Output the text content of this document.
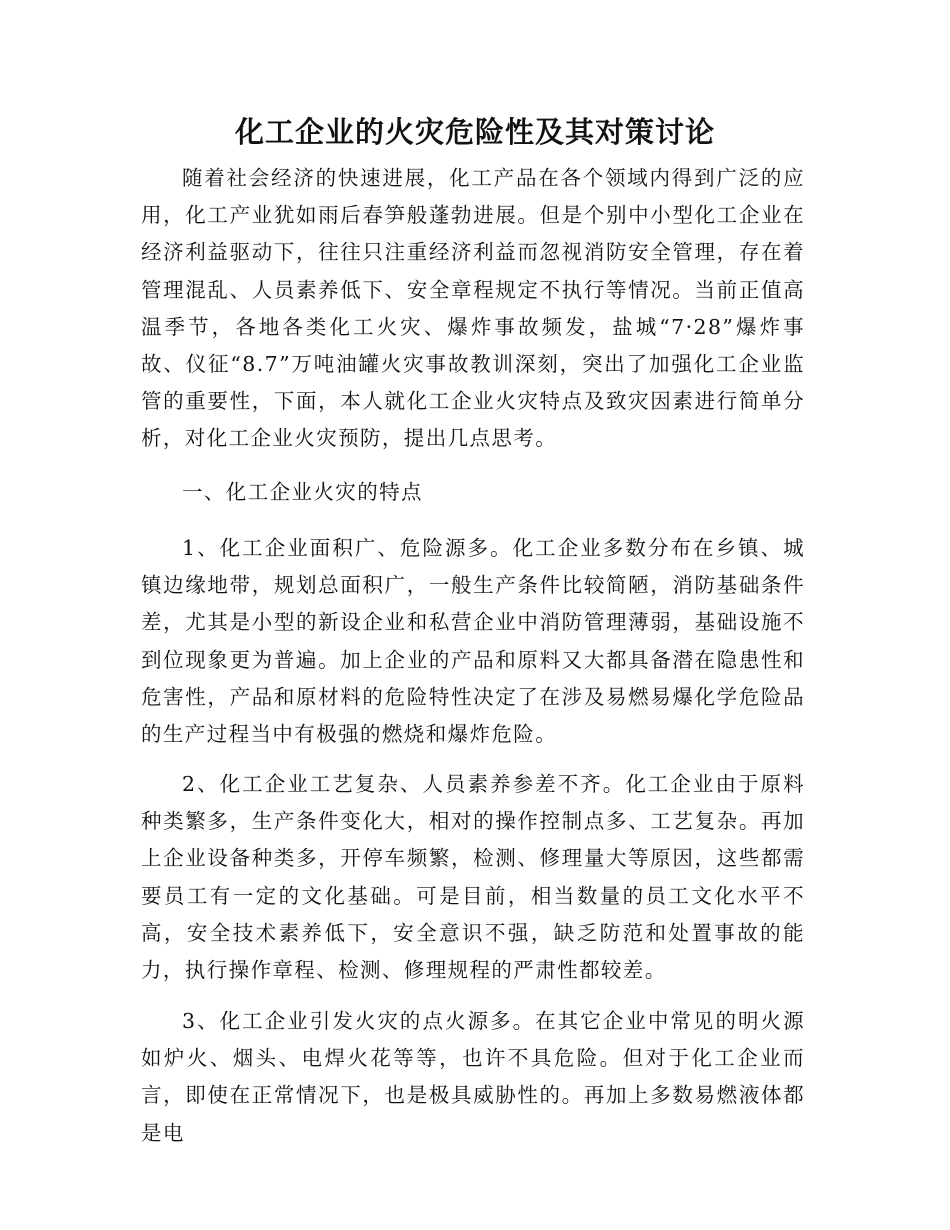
化工企业的火灾危险性及其对策讨论

随着社会经济的快速进展，化工产品在各个领域内得到广泛的应用，化工产业犹如雨后春笋般蓬勃进展。但是个别中小型化工企业在经济利益驱动下，往往只注重经济利益而忽视消防安全管理，存在着管理混乱、人员素养低下、安全章程规定不执行等情况。当前正值高温季节，各地各类化工火灾、爆炸事故频发，盐城“7·28”爆炸事故、仪征“8.7”万吨油罐火灾事故教训深刻，突出了加强化工企业监管的重要性，下面，本人就化工企业火灾特点及致灾因素进行简单分析，对化工企业火灾预防，提出几点思考。

一、化工企业火灾的特点

1、化工企业面积广、危险源多。化工企业多数分布在乡镇、城镇边缘地带，规划总面积广，一般生产条件比较简陋，消防基础条件差，尤其是小型的新设企业和私营企业中消防管理薄弱，基础设施不到位现象更为普遍。加上企业的产品和原料又大都具备潜在隐患性和危害性，产品和原材料的危险特性决定了在涉及易燃易爆化学危险品的生产过程当中有极强的燃烧和爆炸危险。

2、化工企业工艺复杂、人员素养参差不齐。化工企业由于原料种类繁多，生产条件变化大，相对的操作控制点多、工艺复杂。再加上企业设备种类多，开停车频繁，检测、修理量大等原因，这些都需要员工有一定的文化基础。可是目前，相当数量的员工文化水平不高，安全技术素养低下，安全意识不强，缺乏防范和处置事故的能力，执行操作章程、检测、修理规程的严肃性都较差。

3、化工企业引发火灾的点火源多。在其它企业中常见的明火源如炉火、烟头、电焊火花等等，也许不具危险。但对于化工企业而言，即使在正常情况下，也是极具威胁性的。再加上多数易燃液体都是电
